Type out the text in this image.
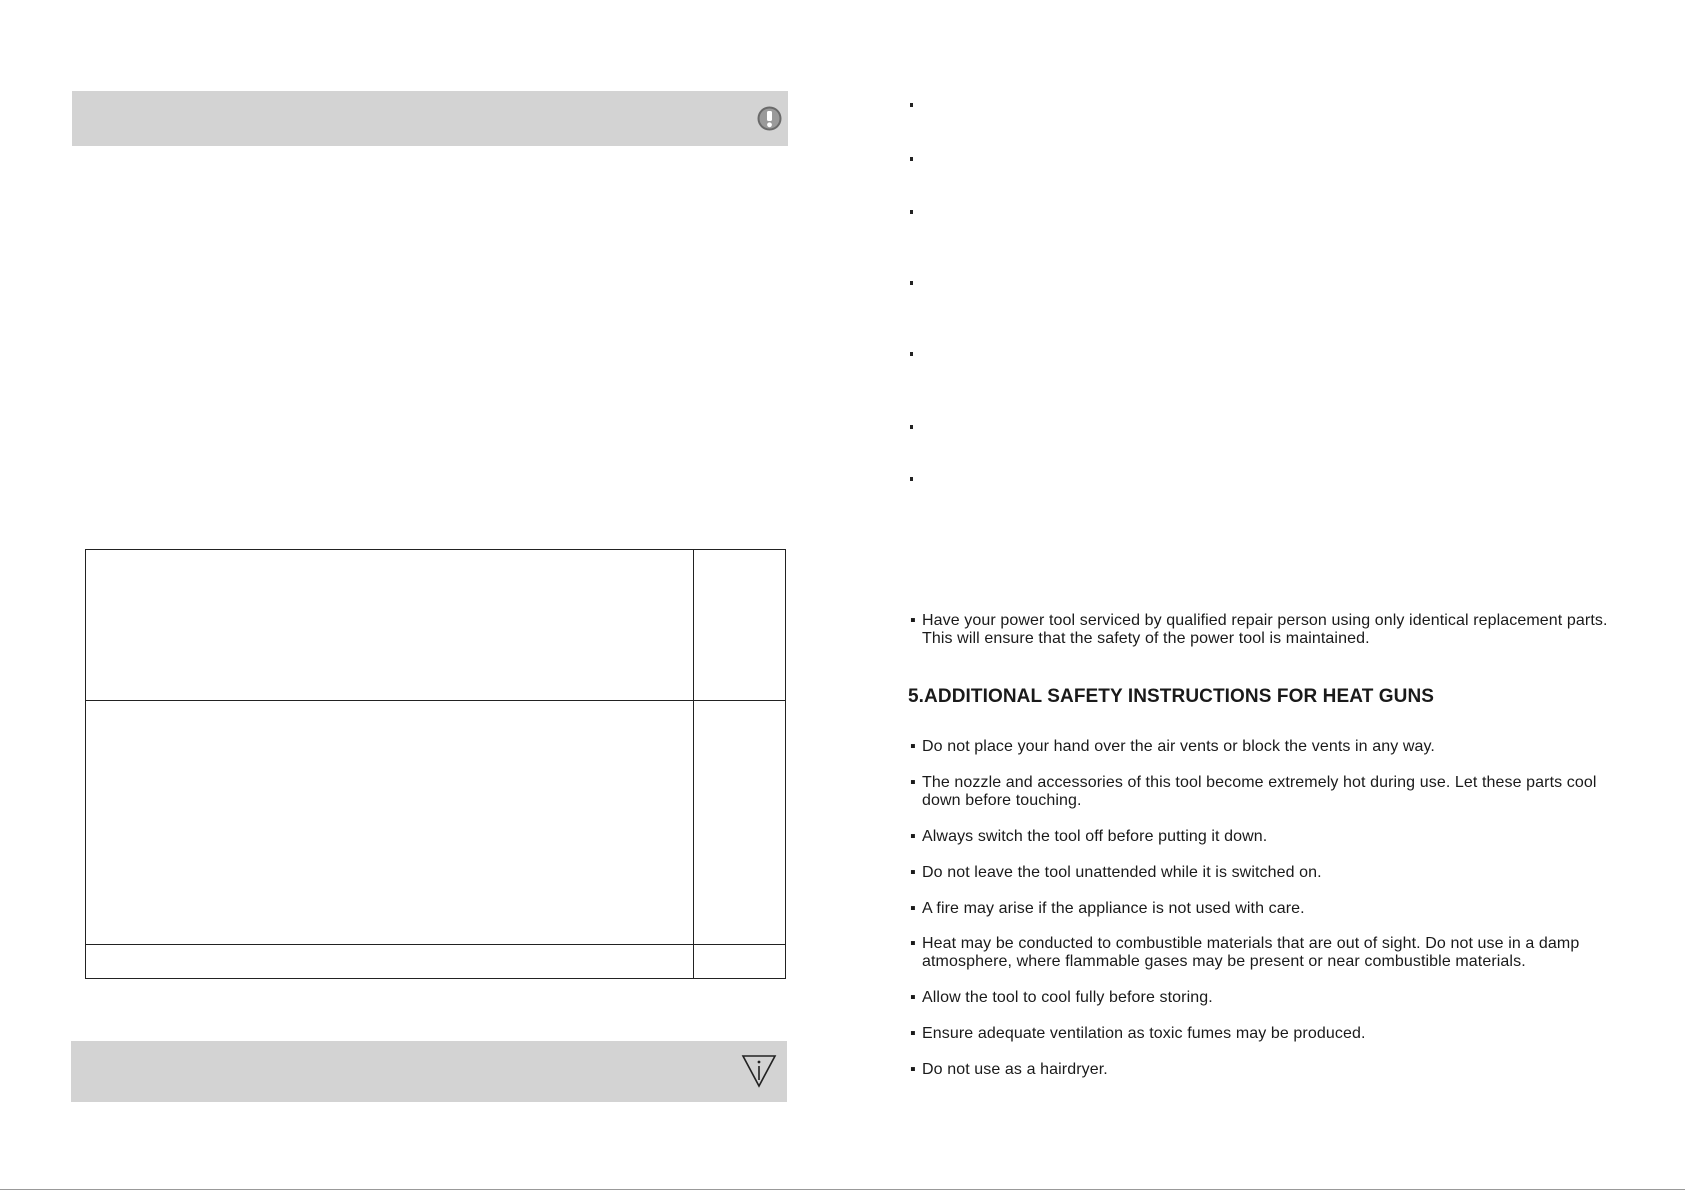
▪ Have your power tool serviced by qualified repair person using only identical replacement parts. This will ensure that the safety of the power tool is maintained.
5.ADDITIONAL SAFETY INSTRUCTIONS FOR HEAT GUNS
▪ Do not place your hand over the air vents or block the vents in any way.
▪ The nozzle and accessories of this tool become extremely hot during use. Let these parts cool down before touching.
▪ Always switch the tool off before putting it down.
▪ Do not leave the tool unattended while it is switched on.
▪ A fire may arise if the appliance is not used with care.
▪ Heat may be conducted to combustible materials that are out of sight. Do not use in a damp atmosphere, where flammable gases may be present or near combustible materials.
▪ Allow the tool to cool fully before storing.
▪ Ensure adequate ventilation as toxic fumes may be produced.
▪ Do not use as a hairdryer.
